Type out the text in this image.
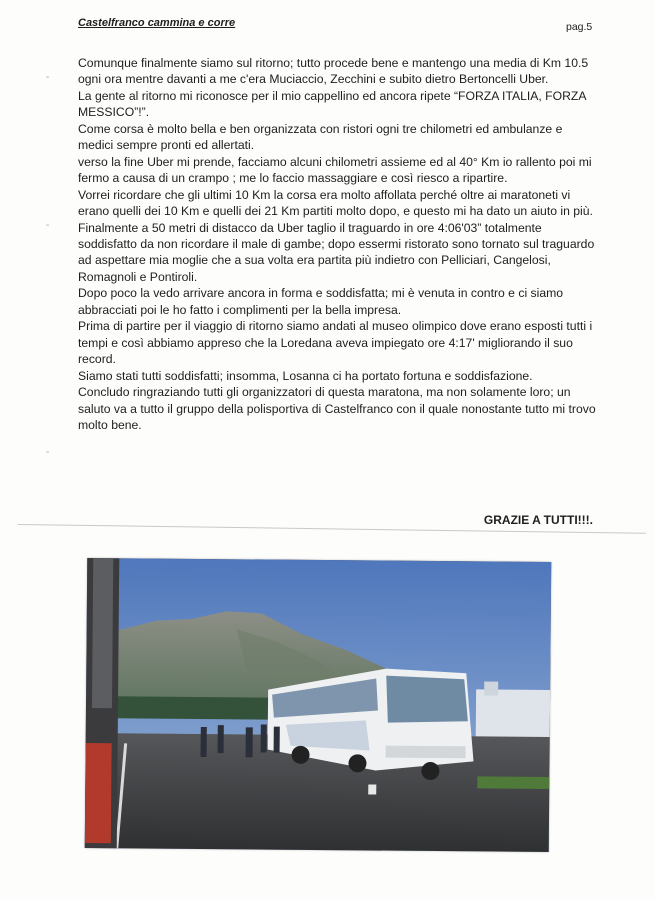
Castelfranco cammina e corre	pag.5
-
-
-

Comunque finalmente siamo sul ritorno; tutto procede bene e mantengo una media di Km 10.5 ogni ora mentre davanti a me c'era Muciaccio, Zecchini e subito dietro Bertoncelli Uber.

La gente al ritorno mi riconosce per il mio cappellino ed ancora ripete “FORZA ITALIA, FORZA MESSICO”!”.

Come corsa è molto bella e ben organizzata con ristori ogni tre chilometri ed ambulanze e medici sempre pronti ed allertati.

verso la fine Uber mi prende, facciamo alcuni chilometri assieme ed al 40° Km io rallento poi mi fermo a causa di un crampo ; me lo faccio massaggiare e così riesco a ripartire.

Vorrei ricordare che gli ultimi 10 Km la corsa era molto affollata perché oltre ai maratoneti vi erano quelli dei 10 Km e quelli dei 21 Km partiti molto dopo, e questo mi ha dato un aiuto in più.

Finalmente a 50 metri di distacco da Uber taglio il traguardo in ore 4:06'03” totalmente soddisfatto da non ricordare il male di gambe; dopo essermi ristorato sono tornato sul traguardo ad aspettare mia moglie che a sua volta era partita più indietro con Pelliciari, Cangelosi, Romagnoli e Pontiroli.

Dopo poco la vedo arrivare ancora in forma e soddisfatta; mi è venuta in contro e ci siamo abbracciati poi le ho fatto i complimenti per la bella impresa.

Prima di partire per il viaggio di ritorno siamo andati al museo olimpico dove erano esposti tutti i tempi e così abbiamo appreso che la Loredana aveva impiegato ore 4:17' migliorando il suo record.

Siamo stati tutti soddisfatti; insomma, Losanna ci ha portato fortuna e soddisfazione.

Concludo ringraziando tutti gli organizzatori di questa maratona, ma non solamente loro; un saluto va a tutto il gruppo della polisportiva di Castelfranco con il quale nonostante tutto mi trovo molto bene.

GRAZIE A TUTTI!!!.
